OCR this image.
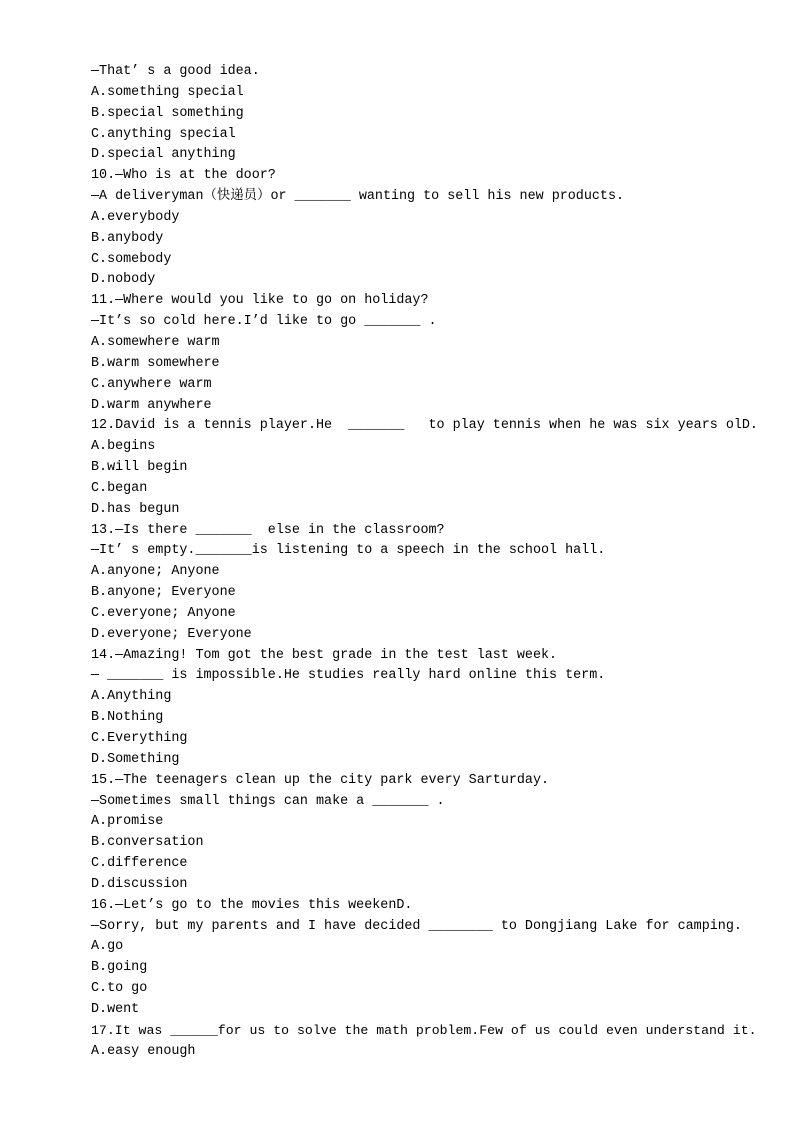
—That’ s a good idea.
A.something special
B.special something
C.anything special
D.special anything
10.—Who is at the door?
—A deliveryman（快递员）or _______ wanting to sell his new products.
A.everybody
B.anybody
C.somebody
D.nobody
11.—Where would you like to go on holiday?
—It’s so cold here.I’d like to go _______ .
A.somewhere warm
B.warm somewhere
C.anywhere warm
D.warm anywhere
12.David is a tennis player.He  _______   to play tennis when he was six years olD.
A.begins
B.will begin
C.began
D.has begun
13.—Is there _______  else in the classroom?
—It’ s empty._______is listening to a speech in the school hall.
A.anyone; Anyone
B.anyone; Everyone
C.everyone; Anyone
D.everyone; Everyone
14.—Amazing! Tom got the best grade in the test last week.
— _______ is impossible.He studies really hard online this term.
A.Anything
B.Nothing
C.Everything
D.Something
15.—The teenagers clean up the city park every Sarturday.
—Sometimes small things can make a _______ .
A.promise
B.conversation
C.difference
D.discussion
16.—Let’s go to the movies this weekenD.
—Sorry, but my parents and I have decided ________ to Dongjiang Lake for camping.
A.go
B.going
C.to go
D.went
17.It was ______for us to solve the math problem.Few of us could even understand it.
A.easy enough
